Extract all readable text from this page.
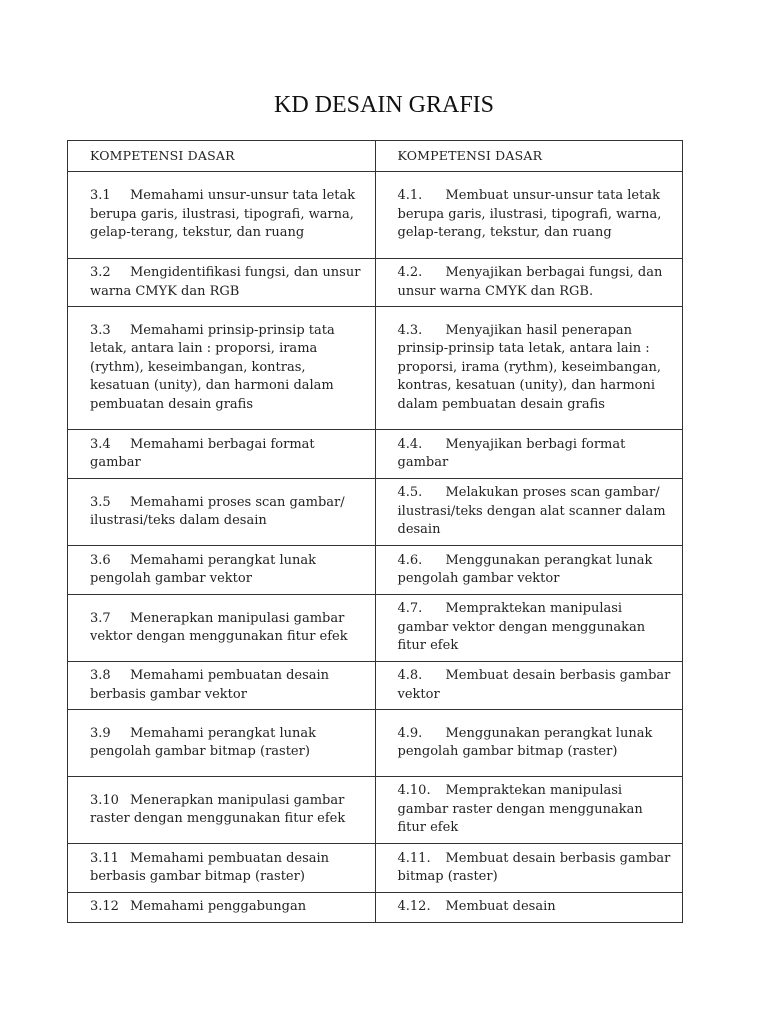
KD DESAIN GRAFIS
KOMPETENSI DASAR	KOMPETENSI DASAR
3.1 Memahami unsur-unsur tata letak berupa garis, ilustrasi, tipografi, warna, gelap-terang, tekstur, dan ruang	4.1. Membuat unsur-unsur tata letak berupa garis, ilustrasi, tipografi, warna, gelap-terang, tekstur, dan ruang
3.2 Mengidentifikasi fungsi, dan unsur warna CMYK dan RGB	4.2. Menyajikan berbagai fungsi, dan unsur warna CMYK dan RGB.
3.3 Memahami prinsip-prinsip tata letak, antara lain : proporsi, irama (rythm), keseimbangan, kontras, kesatuan (unity), dan harmoni dalam pembuatan desain grafis	4.3. Menyajikan hasil penerapan prinsip-prinsip tata letak, antara lain : proporsi, irama (rythm), keseimbangan, kontras, kesatuan (unity), dan harmoni dalam pembuatan desain grafis
3.4 Memahami berbagai format gambar	4.4. Menyajikan berbagi format gambar
3.5 Memahami proses scan gambar/ ilustrasi/teks dalam desain	4.5. Melakukan proses scan gambar/ ilustrasi/teks dengan alat scanner dalam desain
3.6 Memahami perangkat lunak pengolah gambar vektor	4.6. Menggunakan perangkat lunak pengolah gambar vektor
3.7 Menerapkan manipulasi gambar vektor dengan menggunakan fitur efek	4.7. Mempraktekan manipulasi gambar vektor dengan menggunakan fitur efek
3.8 Memahami pembuatan desain berbasis gambar vektor	4.8. Membuat desain berbasis gambar vektor
3.9 Memahami perangkat lunak pengolah gambar bitmap (raster)	4.9. Menggunakan perangkat lunak pengolah gambar bitmap (raster)
3.10 Menerapkan manipulasi gambar raster dengan menggunakan fitur efek	4.10. Mempraktekan manipulasi gambar raster dengan menggunakan fitur efek
3.11 Memahami pembuatan desain berbasis gambar bitmap (raster)	4.11. Membuat desain berbasis gambar bitmap (raster)
3.12 Memahami penggabungan	4.12. Membuat desain
